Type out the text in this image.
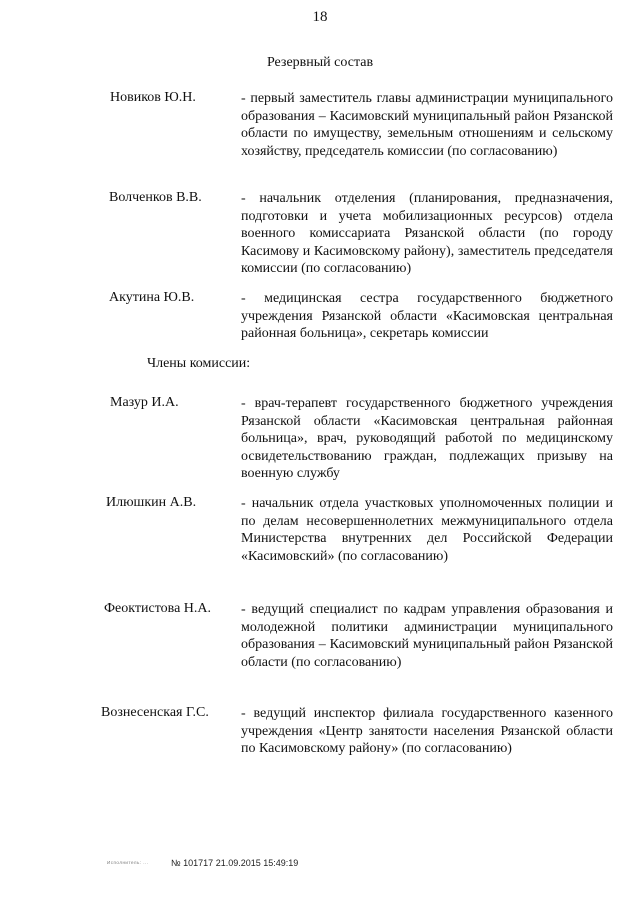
18
Резервный состав
Новиков Ю.Н.	- первый заместитель главы администрации муниципального образования – Касимовский муниципальный район Рязанской области по имуществу, земельным отношениям и сельскому хозяйству, председатель комиссии (по согласованию)
Волченков В.В.	- начальник отделения (планирования, предназначения, подготовки и учета мобилизационных ресурсов) отдела военного комиссариата Рязанской области (по городу Касимову и Касимовскому району), заместитель председателя комиссии (по согласованию)
Акутина Ю.В.	- медицинская сестра государственного бюджетного учреждения Рязанской области «Касимовская центральная районная больница», секретарь комиссии
Члены комиссии:
Мазур И.А.	- врач-терапевт государственного бюджетного учреждения Рязанской области «Касимовская центральная районная больница», врач, руководящий работой по медицинскому освидетельствованию граждан, подлежащих призыву на военную службу
Илюшкин А.В.	- начальник отдела участковых уполномоченных полиции и по делам несовершеннолетних межмуниципального отдела Министерства внутренних дел Российской Федерации «Касимовский» (по согласованию)
Феоктистова Н.А. - ведущий специалист по кадрам управления образования и молодежной политики администрации муниципального образования – Касимовский муниципальный район Рязанской области (по согласованию)
Вознесенская Г.С. - ведущий инспектор филиала государственного казенного учреждения «Центр занятости населения Рязанской области по Касимовскому району» (по согласованию)
Исполнитель: ... № 101717 21.09.2015 15:49:19
